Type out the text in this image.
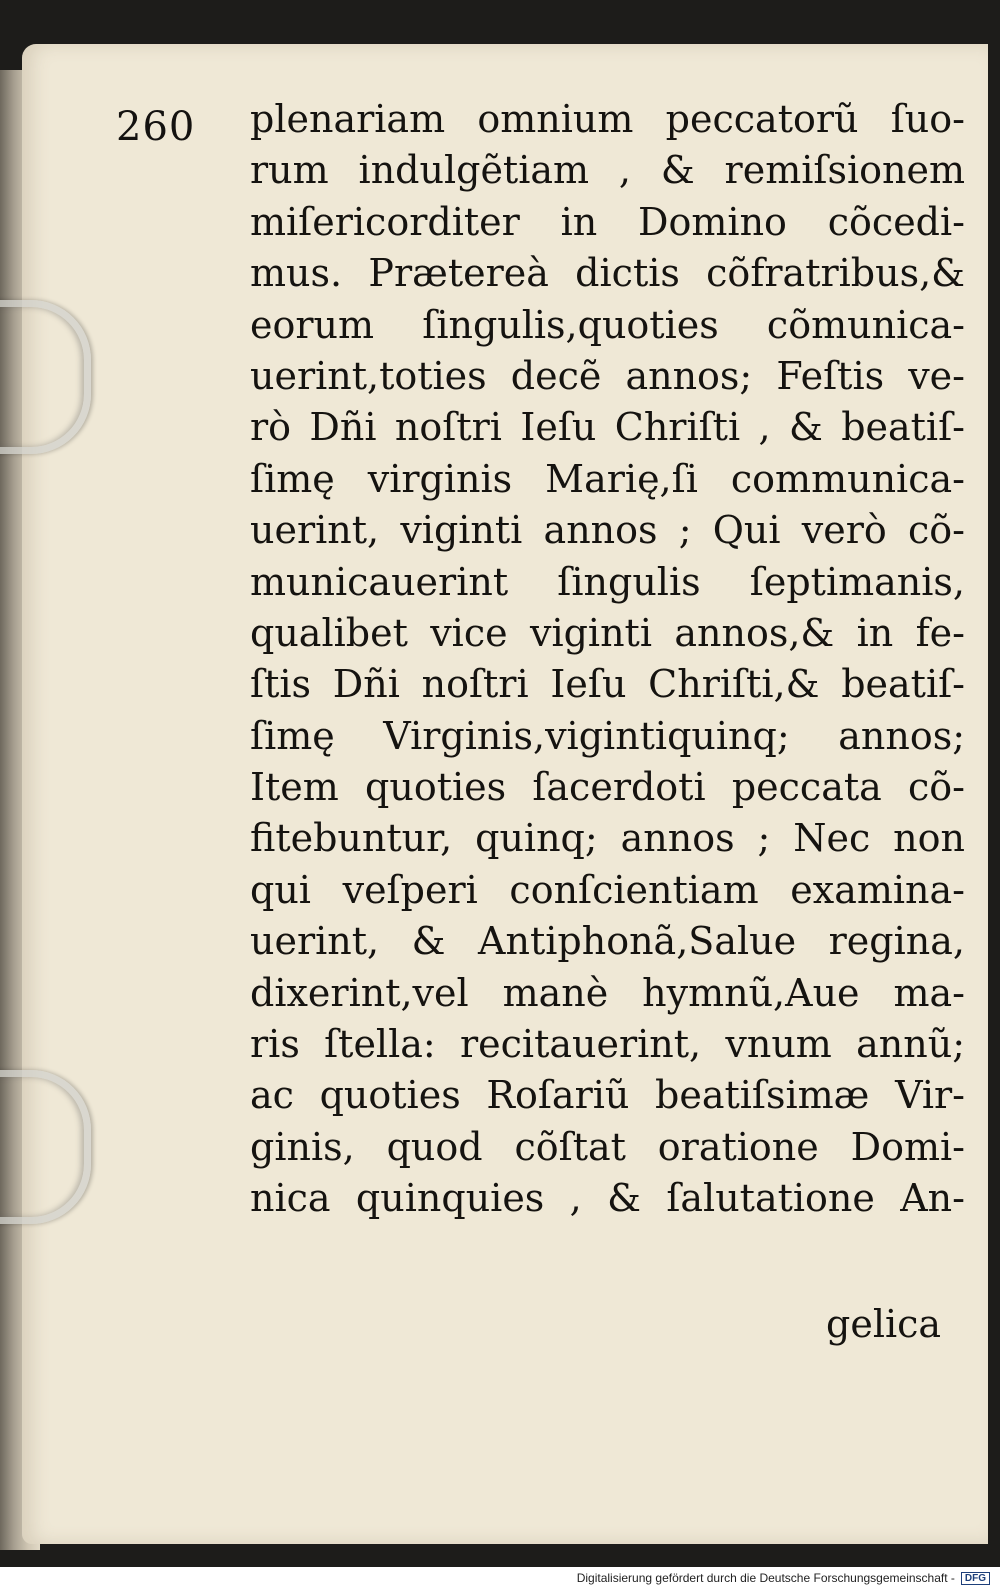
260 plenariam omnium peccatorũ ſuo-
rum indulgẽtiam , & remiſsionem
miſericorditer in Domino cõcedi-
mus. Prætereà dictis cõfratribus,&
eorum ſingulis,quoties cõmunica-
uerint,toties decẽ annos; Feſtis ve-
rò Dñi noſtri Ieſu Chriſti , & beatiſ-
ſimę virginis Marię,ſi communica-
uerint, viginti annos ; Qui verò cõ-
municauerint ſingulis ſeptimanis,
qualibet vice viginti annos,& in fe-
ſtis Dñi noſtri Ieſu Chriſti,& beatiſ-
ſimę Virginis,vigintiquinq; annos;
Item quoties ſacerdoti peccata cõ-
fitebuntur, quinq; annos ; Nec non
qui veſperi conſcientiam examina-
uerint, & Antiphonã,Salue regina,
dixerint,vel manè hymnũ,Aue ma-
ris ſtella: recitauerint, vnum annũ;
ac quoties Roſariũ beatiſsimæ Vir-
ginis, quod cõſtat oratione Domi-
nica quinquies , & ſalutatione An-
gelica
Digitalisierung gefördert durch die Deutsche Forschungsgemeinschaft -	DFG
